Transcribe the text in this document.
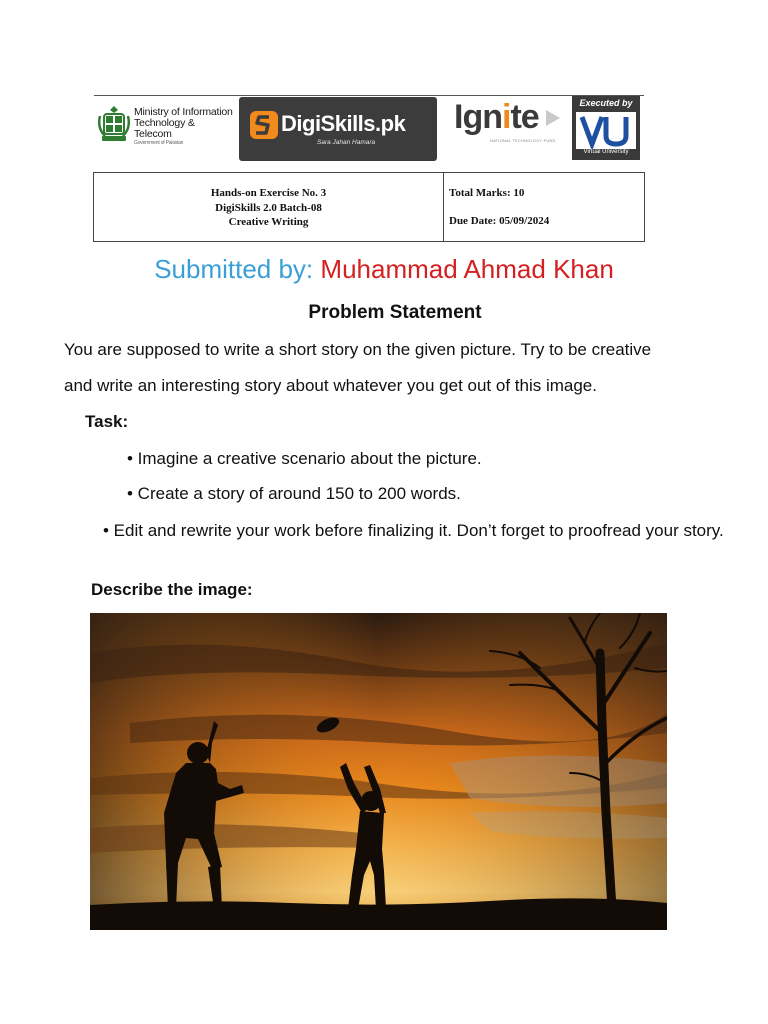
Ministry of Information
Technology & Telecom
Government of Pakistan
DigiSkills.pk
Sara Jahan Hamara
Ignite
NATIONAL TECHNOLOGY FUND
Executed by
Virtual University
Hands-on Exercise No. 3
DigiSkills 2.0 Batch-08
Creative Writing
Total Marks: 10
Due Date: 05/09/2024
Submitted by: Muhammad Ahmad Khan
Problem Statement
You are supposed to write a short story on the given picture. Try to be creative
and write an interesting story about whatever you get out of this image.
Task:
• Imagine a creative scenario about the picture.
• Create a story of around 150 to 200 words.
• Edit and rewrite your work before finalizing it. Don’t forget to proofread your story.
Describe the image:
